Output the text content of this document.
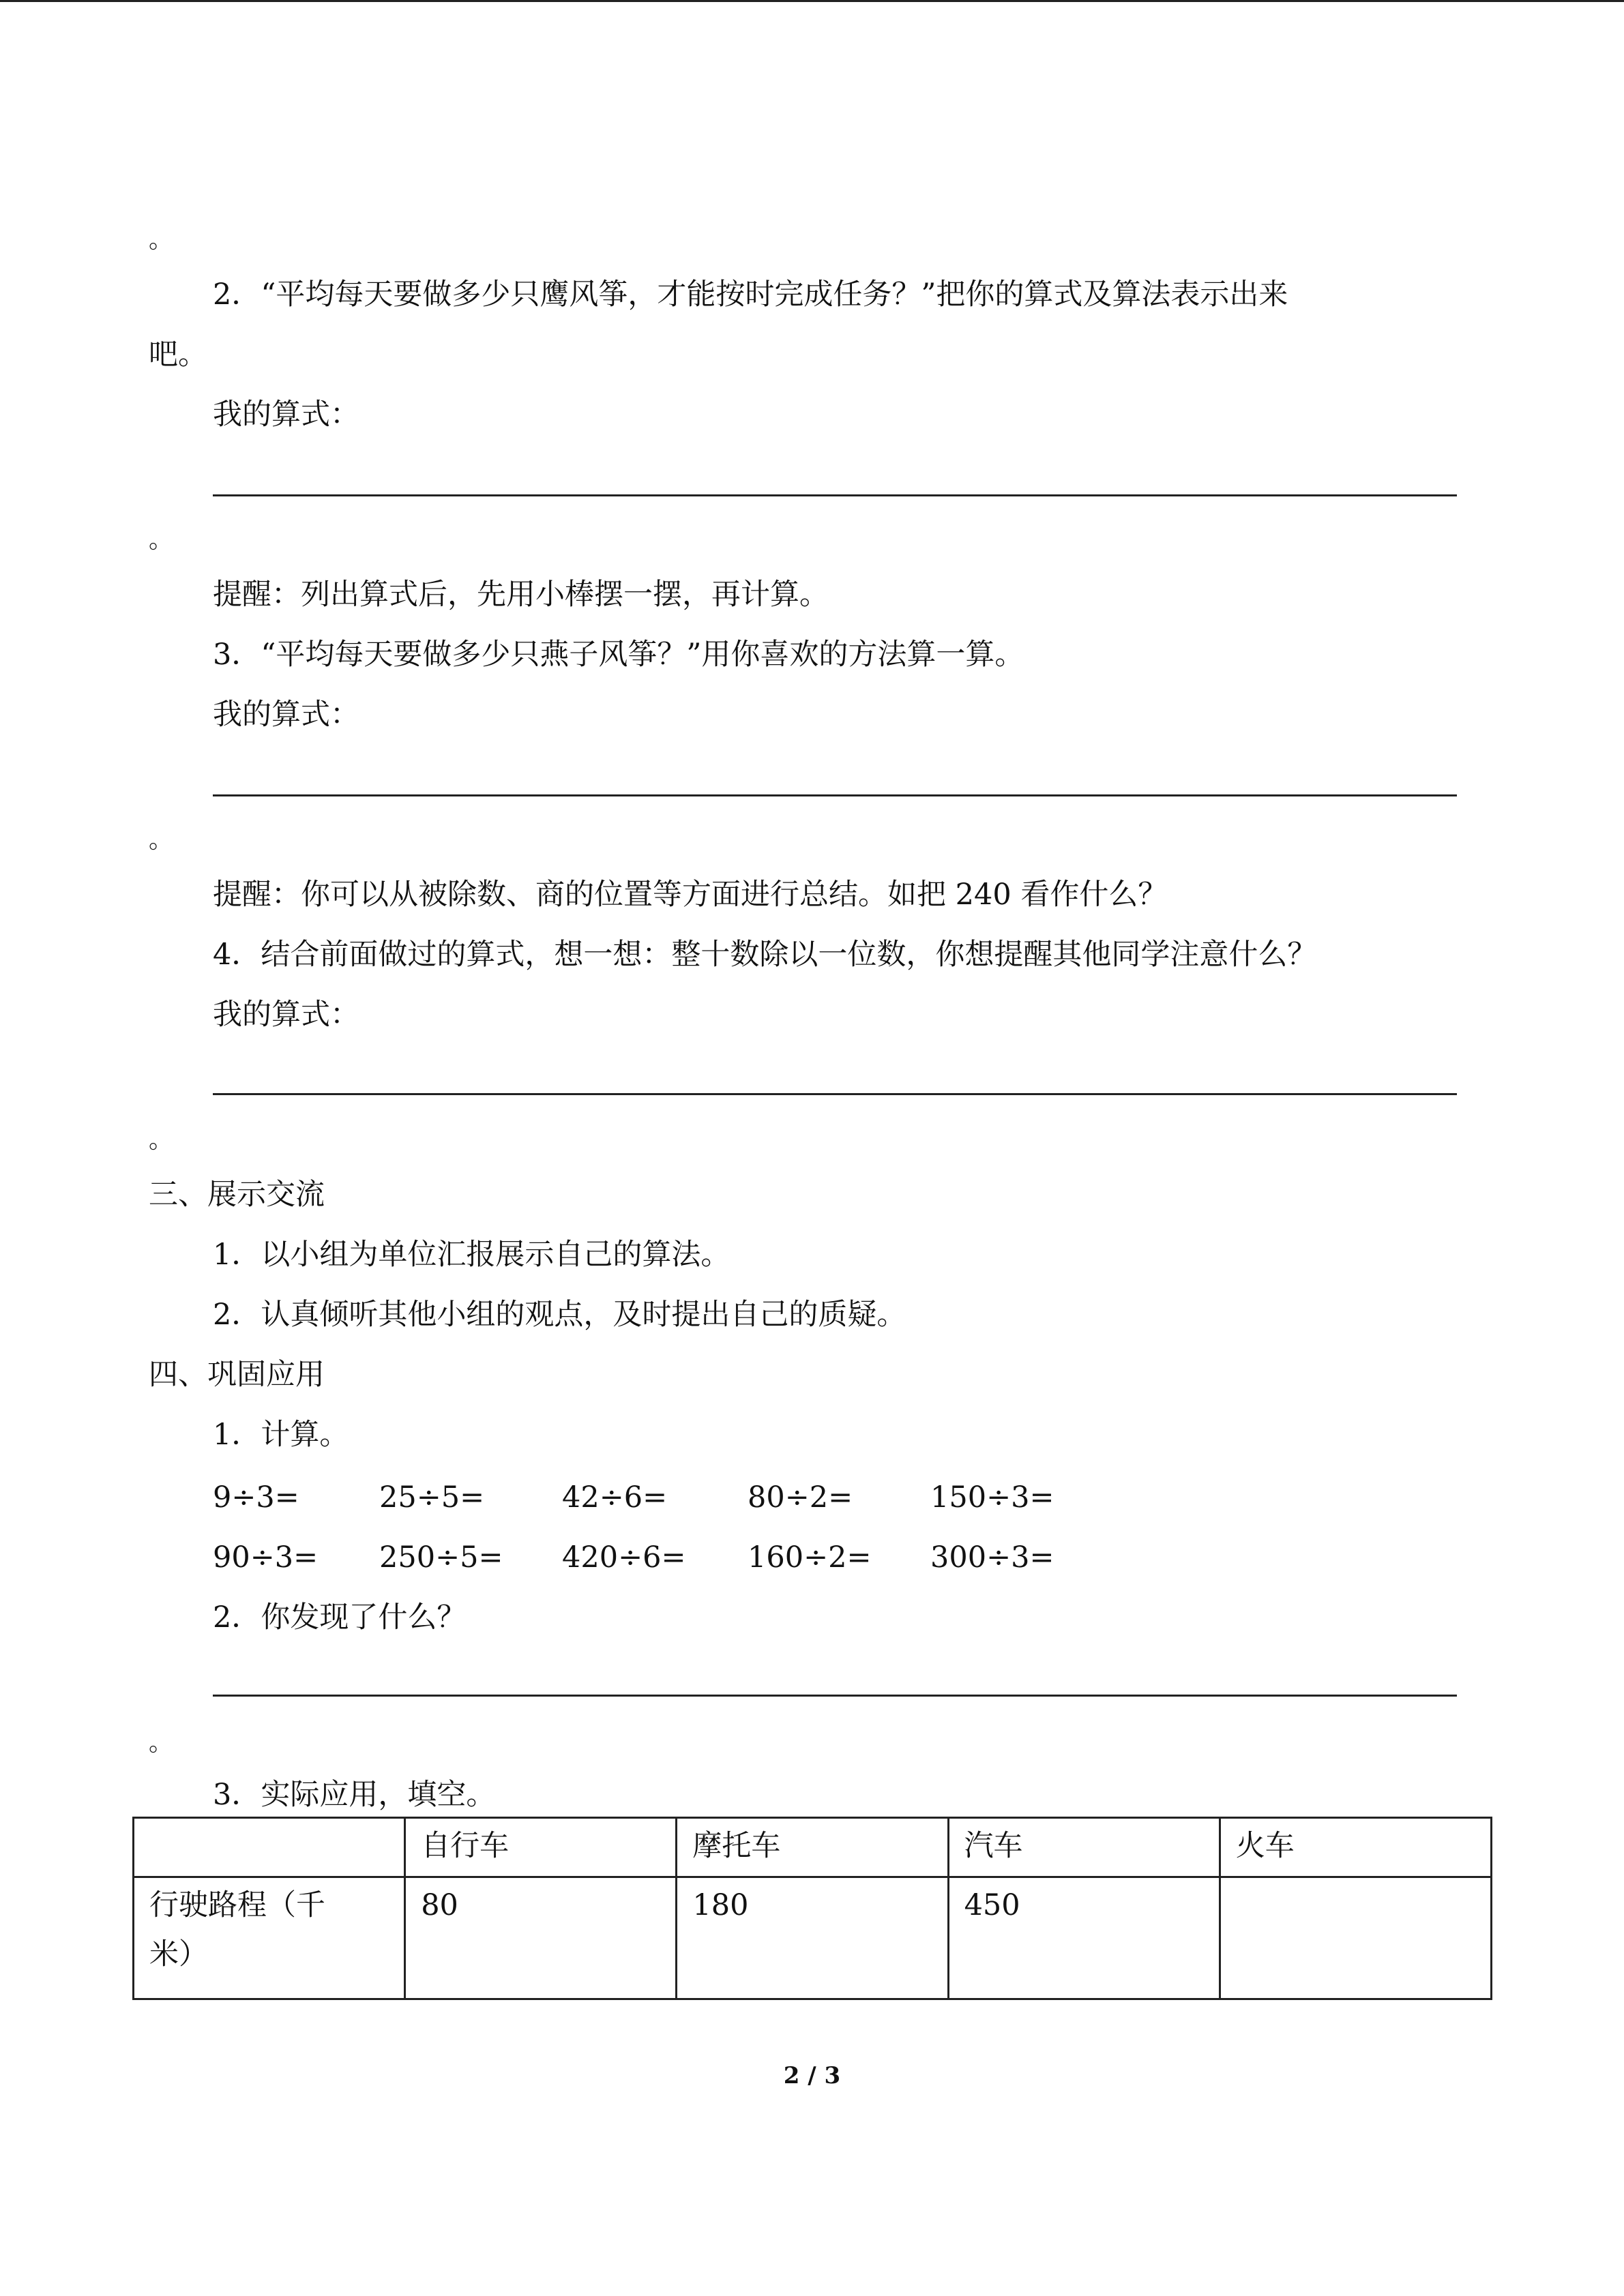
。
2．“平均每天要做多少只鹰风筝，才能按时完成任务？”把你的算式及算法表示出来
吧。
我的算式：
。
提醒：列出算式后，先用小棒摆一摆，再计算。
3．“平均每天要做多少只燕子风筝？”用你喜欢的方法算一算。
我的算式：
。
提醒：你可以从被除数、商的位置等方面进行总结。如把 240 看作什么？
4．结合前面做过的算式，想一想：整十数除以一位数，你想提醒其他同学注意什么？
我的算式：
。
三、展示交流
1．以小组为单位汇报展示自己的算法。
2．认真倾听其他小组的观点，及时提出自己的质疑。
四、巩固应用
1．计算。
9÷3=	25÷5=	42÷6=	80÷2=	150÷3=
90÷3= 250÷5= 420÷6= 160÷2= 300÷3=
2．你发现了什么？
。
3．实际应用，填空。
	自行车	摩托车	汽车	火车

行驶路程（千
米）	80	180	450	
2 / 3
